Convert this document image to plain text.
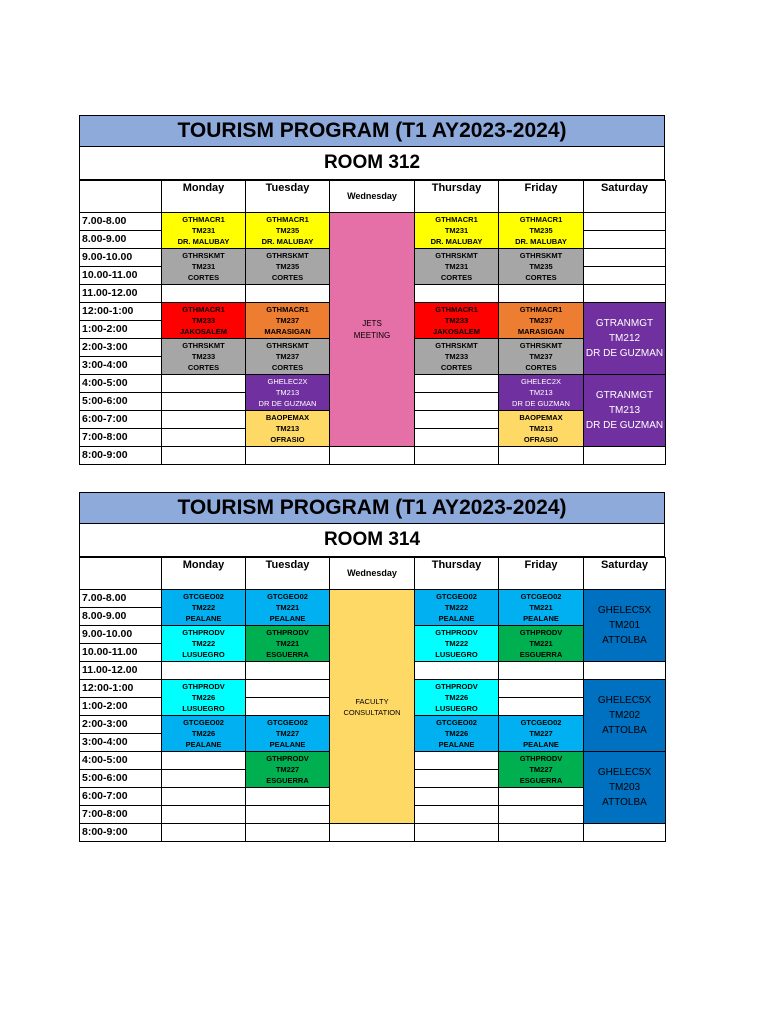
TOURISM PROGRAM (T1 AY2023-2024)
ROOM 312
	Monday	Tuesday	Wednesday	Thursday	Friday	Saturday
7.00-8.00	GTHMACR1
TM231
DR. MALUBAY	GTHMACR1
TM235
DR. MALUBAY	JETS
MEETING	GTHMACR1
TM231
DR. MALUBAY	GTHMACR1
TM235
DR. MALUBAY	
8.00-9.00						
9.00-10.00	GTHRSKMT
TM231
CORTES	GTHRSKMT
TM235
CORTES		GTHRSKMT
TM231
CORTES	GTHRSKMT
TM235
CORTES	
10.00-11.00						
11.00-12.00						
12:00-1:00	GTHMACR1
TM233
JAKOSALEM	GTHMACR1
TM237
MARASIGAN		GTHMACR1
TM233
JAKOSALEM	GTHMACR1
TM237
MARASIGAN	GTRANMGT
TM212
DR DE GUZMAN
1:00-2:00						
2:00-3:00	GTHRSKMT
TM233
CORTES	GTHRSKMT
TM237
CORTES		GTHRSKMT
TM233
CORTES	GTHRSKMT
TM237
CORTES	
3:00-4:00						
4:00-5:00		GHELEC2X
TM213
DR DE GUZMAN			GHELEC2X
TM213
DR DE GUZMAN	GTRANMGT
TM213
DR DE GUZMAN
5:00-6:00						
6:00-7:00		BAOPEMAX
TM213
OFRASIO			BAOPEMAX
TM213
OFRASIO	
7:00-8:00						
8:00-9:00						
TOURISM PROGRAM (T1 AY2023-2024)
ROOM 314
	Monday	Tuesday	Wednesday	Thursday	Friday	Saturday
7.00-8.00	GTCGEO02
TM222
PEALANE	GTCGEO02
TM221
PEALANE	FACULTY
CONSULTATION	GTCGEO02
TM222
PEALANE	GTCGEO02
TM221
PEALANE	GHELEC5X
TM201
ATTOLBA
8.00-9.00						
9.00-10.00	GTHPRODV
TM222
LUSUEGRO	GTHPRODV
TM221
ESGUERRA		GTHPRODV
TM222
LUSUEGRO	GTHPRODV
TM221
ESGUERRA	
10.00-11.00						
11.00-12.00						
12:00-1:00	GTHPRODV
TM226
LUSUEGRO			GTHPRODV
TM226
LUSUEGRO		GHELEC5X
TM202
ATTOLBA
1:00-2:00						
2:00-3:00	GTCGEO02
TM226
PEALANE	GTCGEO02
TM227
PEALANE		GTCGEO02
TM226
PEALANE	GTCGEO02
TM227
PEALANE	
3:00-4:00						
4:00-5:00		GTHPRODV
TM227
ESGUERRA			GTHPRODV
TM227
ESGUERRA	GHELEC5X
TM203
ATTOLBA
5:00-6:00						
6:00-7:00						
7:00-8:00						
8:00-9:00						
